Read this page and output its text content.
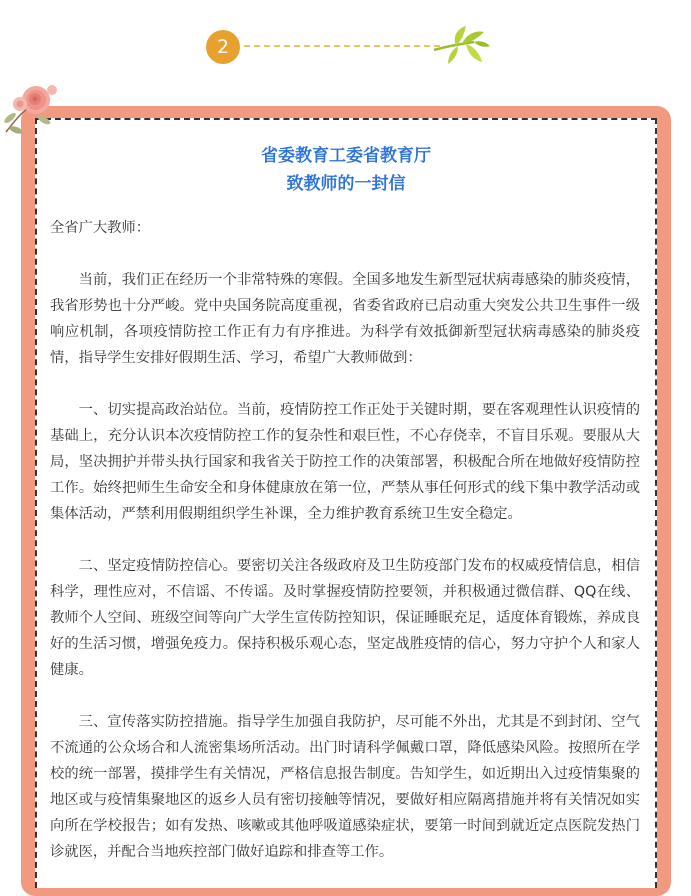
2
省委教育工委省教育厅
致教师的一封信

全省广大教师：

当前，我们正在经历一个非常特殊的寒假。全国多地发生新型冠状病毒感染的肺炎疫情，我省形势也十分严峻。党中央国务院高度重视，省委省政府已启动重大突发公共卫生事件一级响应机制，各项疫情防控工作正有力有序推进。为科学有效抵御新型冠状病毒感染的肺炎疫情，指导学生安排好假期生活、学习，希望广大教师做到：

一、切实提高政治站位。当前，疫情防控工作正处于关键时期，要在客观理性认识疫情的基础上，充分认识本次疫情防控工作的复杂性和艰巨性，不心存侥幸，不盲目乐观。要服从大局，坚决拥护并带头执行国家和我省关于防控工作的决策部署，积极配合所在地做好疫情防控工作。始终把师生生命安全和身体健康放在第一位，严禁从事任何形式的线下集中教学活动或集体活动，严禁利用假期组织学生补课，全力维护教育系统卫生安全稳定。

二、坚定疫情防控信心。要密切关注各级政府及卫生防疫部门发布的权威疫情信息，相信科学，理性应对，不信谣、不传谣。及时掌握疫情防控要领，并积极通过微信群、QQ在线、教师个人空间、班级空间等向广大学生宣传防控知识，保证睡眠充足，适度体育锻炼，养成良好的生活习惯，增强免疫力。保持积极乐观心态，坚定战胜疫情的信心，努力守护个人和家人健康。

三、宣传落实防控措施。指导学生加强自我防护，尽可能不外出，尤其是不到封闭、空气不流通的公众场合和人流密集场所活动。出门时请科学佩戴口罩，降低感染风险。按照所在学校的统一部署，摸排学生有关情况，严格信息报告制度。告知学生，如近期出入过疫情集聚的地区或与疫情集聚地区的返乡人员有密切接触等情况，要做好相应隔离措施并将有关情况如实向所在学校报告；如有发热、咳嗽或其他呼吸道感染症状，要第一时间到就近定点医院发热门诊就医，并配合当地疾控部门做好追踪和排查等工作。
